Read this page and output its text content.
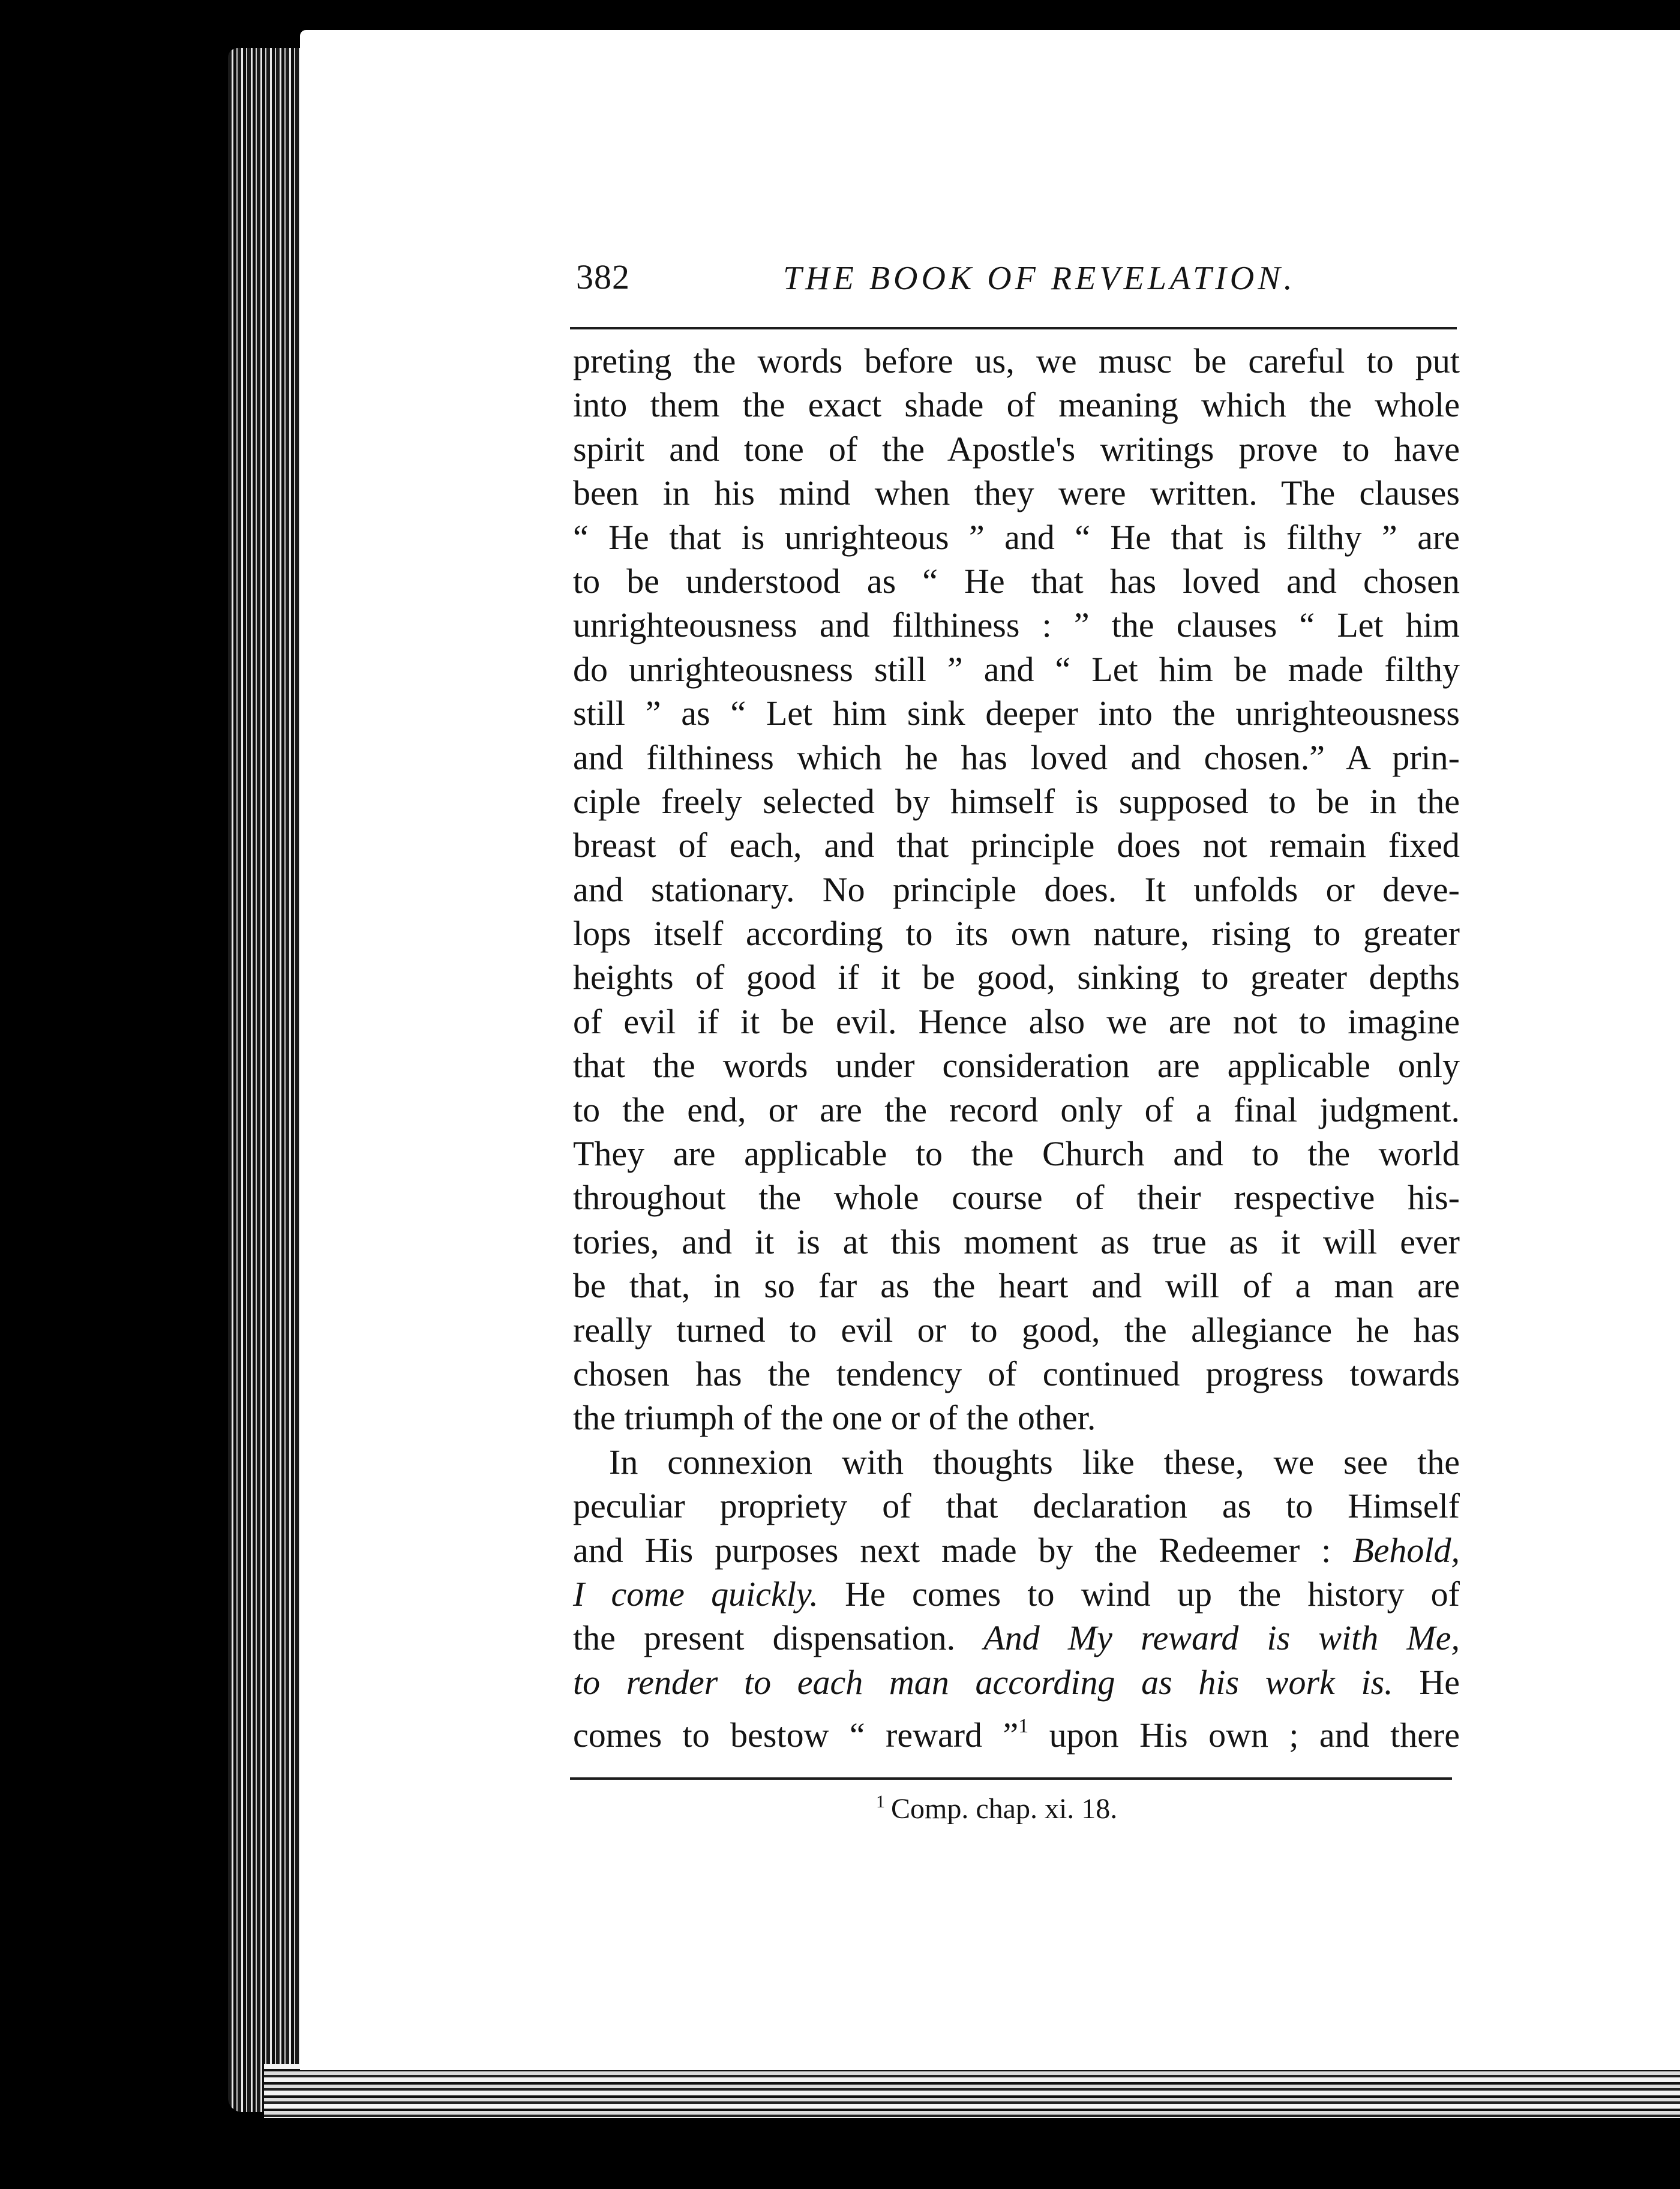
382	THE BOOK OF REVELATION.
preting the words before us, we musc be careful to put
into them the exact shade of meaning which the whole
spirit and tone of the Apostle's writings prove to have
been in his mind when they were written. The clauses
“ He that is unrighteous ” and “ He that is filthy ” are
to be understood as “ He that has loved and chosen
unrighteousness and filthiness : ” the clauses “ Let him
do unrighteousness still ” and “ Let him be made filthy
still ” as “ Let him sink deeper into the unrighteousness
and filthiness which he has loved and chosen.” A prin-
ciple freely selected by himself is supposed to be in the
breast of each, and that principle does not remain fixed
and stationary. No principle does. It unfolds or deve-
lops itself according to its own nature, rising to greater
heights of good if it be good, sinking to greater depths
of evil if it be evil. Hence also we are not to imagine
that the words under consideration are applicable only
to the end, or are the record only of a final judgment.
They are applicable to the Church and to the world
throughout the whole course of their respective his-
tories, and it is at this moment as true as it will ever
be that, in so far as the heart and will of a man are
really turned to evil or to good, the allegiance he has
chosen has the tendency of continued progress towards
the triumph of the one or of the other.
In connexion with thoughts like these, we see the
peculiar propriety of that declaration as to Himself
and His purposes next made by the Redeemer : Behold,
I come quickly. He comes to wind up the history of
the present dispensation. And My reward is with Me,
to render to each man according as his work is. He
comes to bestow “ reward ”$^1$ upon His own ; and there
$^1$ Comp. chap. xi. 18.
